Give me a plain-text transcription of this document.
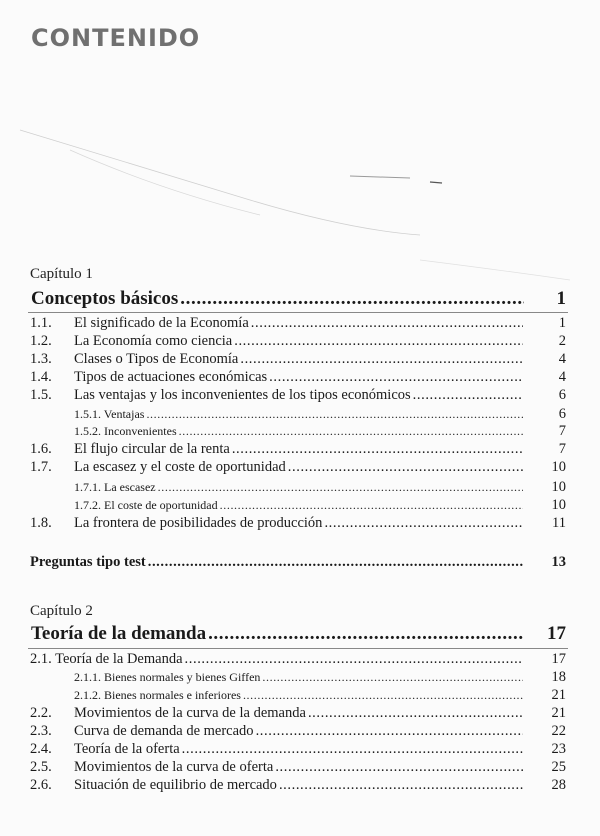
CONTENIDO
Capítulo 1
Conceptos básicos .....	1
1.1.	El significado de la Economía .....	1
1.2.	La Economía como ciencia .....	2
1.3.	Clases o Tipos de Economía .....	4
1.4.	Tipos de actuaciones económicas .....	4
1.5.	Las ventajas y los inconvenientes de los tipos económicos .....	6
1.5.1. Ventajas .....	6
1.5.2. Inconvenientes .....	7
1.6.	El flujo circular de la renta .....	7
1.7.	La escasez y el coste de oportunidad .....	10
1.7.1. La escasez .....	10
1.7.2. El coste de oportunidad .....	10
1.8.	La frontera de posibilidades de producción .....	11
Preguntas tipo test .....	13
Capítulo 2
Teoría de la demanda .....	17
2.1. Teoría de la Demanda .....	17
2.1.1. Bienes normales y bienes Giffen .....	18
2.1.2. Bienes normales e inferiores .....	21
2.2.	Movimientos de la curva de la demanda .....	21
2.3.	Curva de demanda de mercado .....	22
2.4.	Teoría de la oferta .....	23
2.5.	Movimientos de la curva de oferta .....	25
2.6.	Situación de equilibrio de mercado .....	28
